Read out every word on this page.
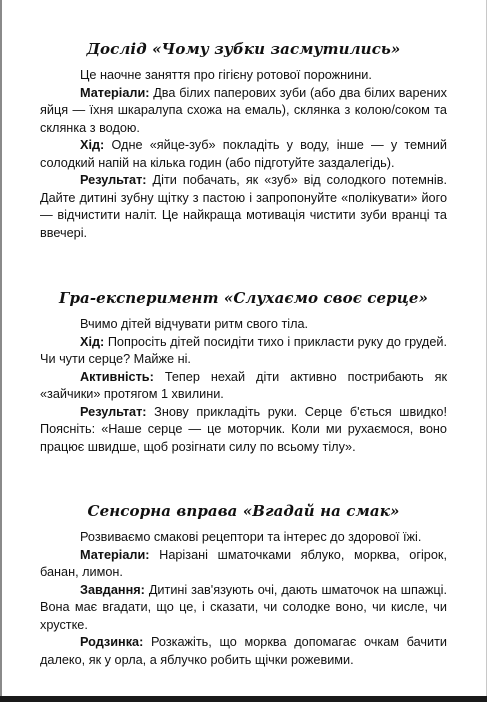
Дослід «Чому зубки засмутились»

Це наочне заняття про гігієну ротової порожнини.

Матеріали: Два білих паперових зуби (або два білих варених яйця — їхня шкаралупа схожа на емаль), склянка з колою/соком та склянка з водою.

Хід: Одне «яйце-зуб» покладіть у воду, інше — у темний солодкий напій на кілька годин (або підготуйте заздалегідь).

Результат: Діти побачать, як «зуб» від солодкого потемнів. Дайте дитині зубну щітку з пастою і запропонуйте «полікувати» його — відчистити наліт. Це найкраща мотивація чистити зуби вранці та ввечері.

Гра-експеримент «Слухаємо своє серце»

Вчимо дітей відчувати ритм свого тіла.

Хід: Попросіть дітей посидіти тихо і прикласти руку до грудей. Чи чути серце? Майже ні.

Активність: Тепер нехай діти активно пострибають як «зайчики» протягом 1 хвилини.

Результат: Знову прикладіть руки. Серце б'ється швидко! Поясніть: «Наше серце — це моторчик. Коли ми рухаємося, воно працює швидше, щоб розігнати силу по всьому тілу».

Сенсорна вправа «Вгадай на смак»

Розвиваємо смакові рецептори та інтерес до здорової їжі.

Матеріали: Нарізані шматочками яблуко, морква, огірок, банан, лимон.

Завдання: Дитині зав'язують очі, дають шматочок на шпажці. Вона має вгадати, що це, і сказати, чи солодке воно, чи кисле, чи хрустке.

Родзинка: Розкажіть, що морква допомагає очкам бачити далеко, як у орла, а яблучко робить щічки рожевими.
